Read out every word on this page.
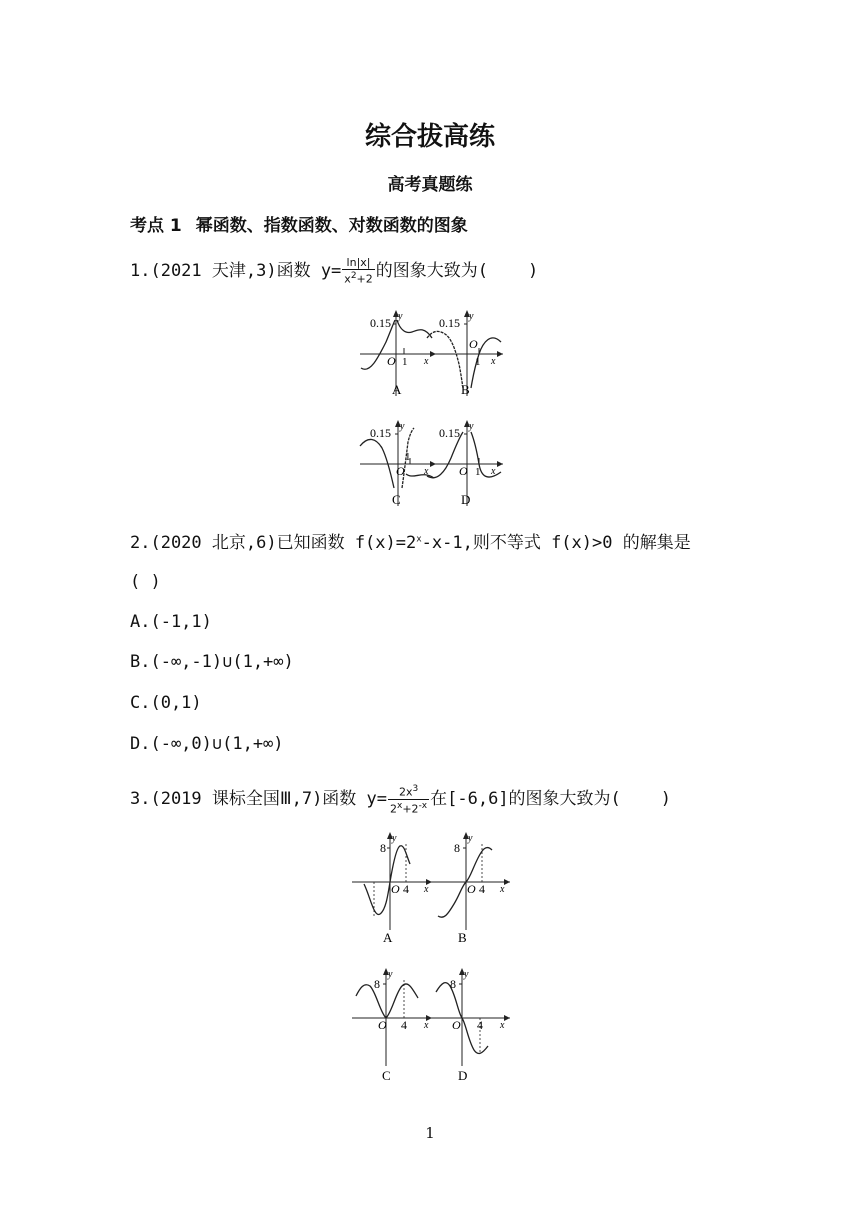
综合拔高练
高考真题练
考点 1 幂函数、指数函数、对数函数的图象
1.(2021 天津,3)函数 $y= \frac{\ln|x|}{x^2+2}$ 的图象大致为( )
0.15 y
O 1 x
A
0.15 y
O
1 x
B
0.15 y
O
1
x
C
0.15 y
O 1 x
D
2.(2020 北京,6)已知函数 $f(x)=2^x-x-1$,则不等式 f(x)>0 的解集是
( )
A.(-1,1)
B.(-∞,-1)∪(1,+∞)
C.(0,1)
D.(-∞,0)∪(1,+∞)
3.(2019 课标全国Ⅲ,7)函数 $y= \frac{2x^3}{2^x+2^{-x}}$ 在[-6,6]的图象大致为( )
8
y
O 4 x
A
8
y
O 4 x
B
8
y
O 4 x
C
8
y
O 4 x
D
1
